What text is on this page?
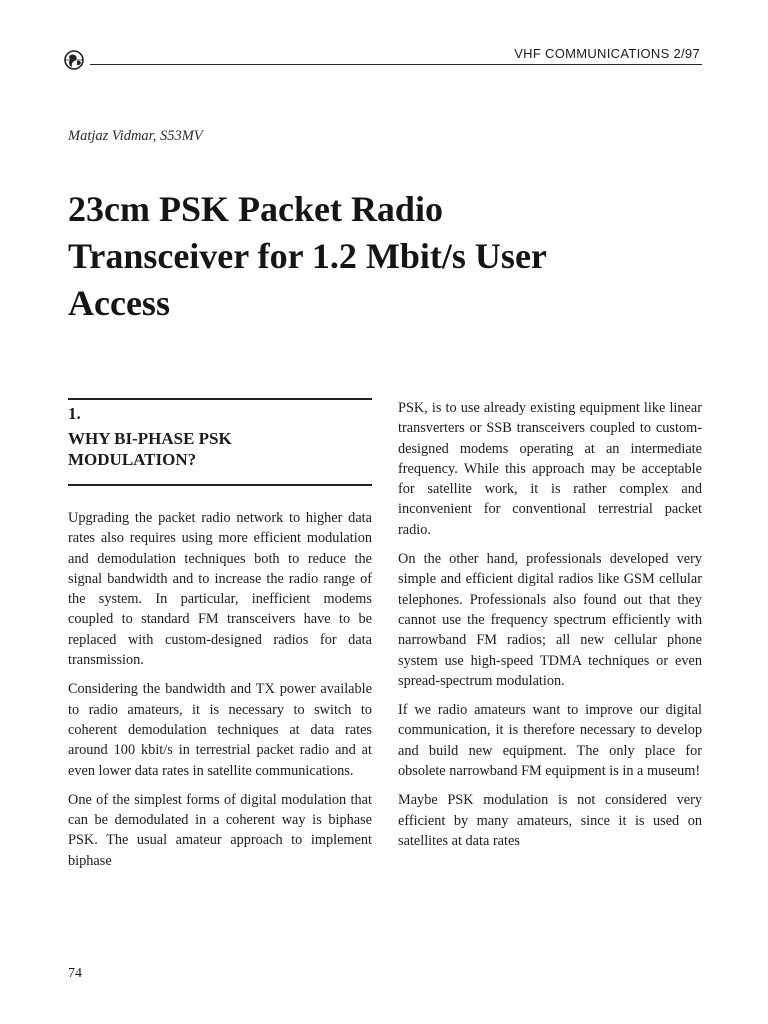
VHF COMMUNICATIONS 2/97
Matjaz Vidmar, S53MV
23cm PSK Packet Radio Transceiver for 1.2 Mbit/s User Access
1.
WHY BI-PHASE PSK MODULATION?

Upgrading the packet radio network to higher data rates also requires using more efficient modulation and demodulation techniques both to reduce the signal bandwidth and to increase the radio range of the system. In particular, inefficient modems coupled to standard FM transceivers have to be replaced with custom-designed radios for data transmission.

Considering the bandwidth and TX power available to radio amateurs, it is necessary to switch to coherent demodulation techniques at data rates around 100 kbit/s in terrestrial packet radio and at even lower data rates in satellite communications.

One of the simplest forms of digital modulation that can be demodulated in a coherent way is biphase PSK. The usual amateur approach to implement biphase

PSK, is to use already existing equipment like linear transverters or SSB transceivers coupled to custom-designed modems operating at an intermediate frequency. While this approach may be acceptable for satellite work, it is rather complex and inconvenient for conventional terrestrial packet radio.

On the other hand, professionals developed very simple and efficient digital radios like GSM cellular telephones. Professionals also found out that they cannot use the frequency spectrum efficiently with narrowband FM radios; all new cellular phone system use high-speed TDMA techniques or even spread-spectrum modulation.

If we radio amateurs want to improve our digital communication, it is therefore necessary to develop and build new equipment. The only place for obsolete narrowband FM equipment is in a museum!

Maybe PSK modulation is not considered very efficient by many amateurs, since it is used on satellites at data rates

74
